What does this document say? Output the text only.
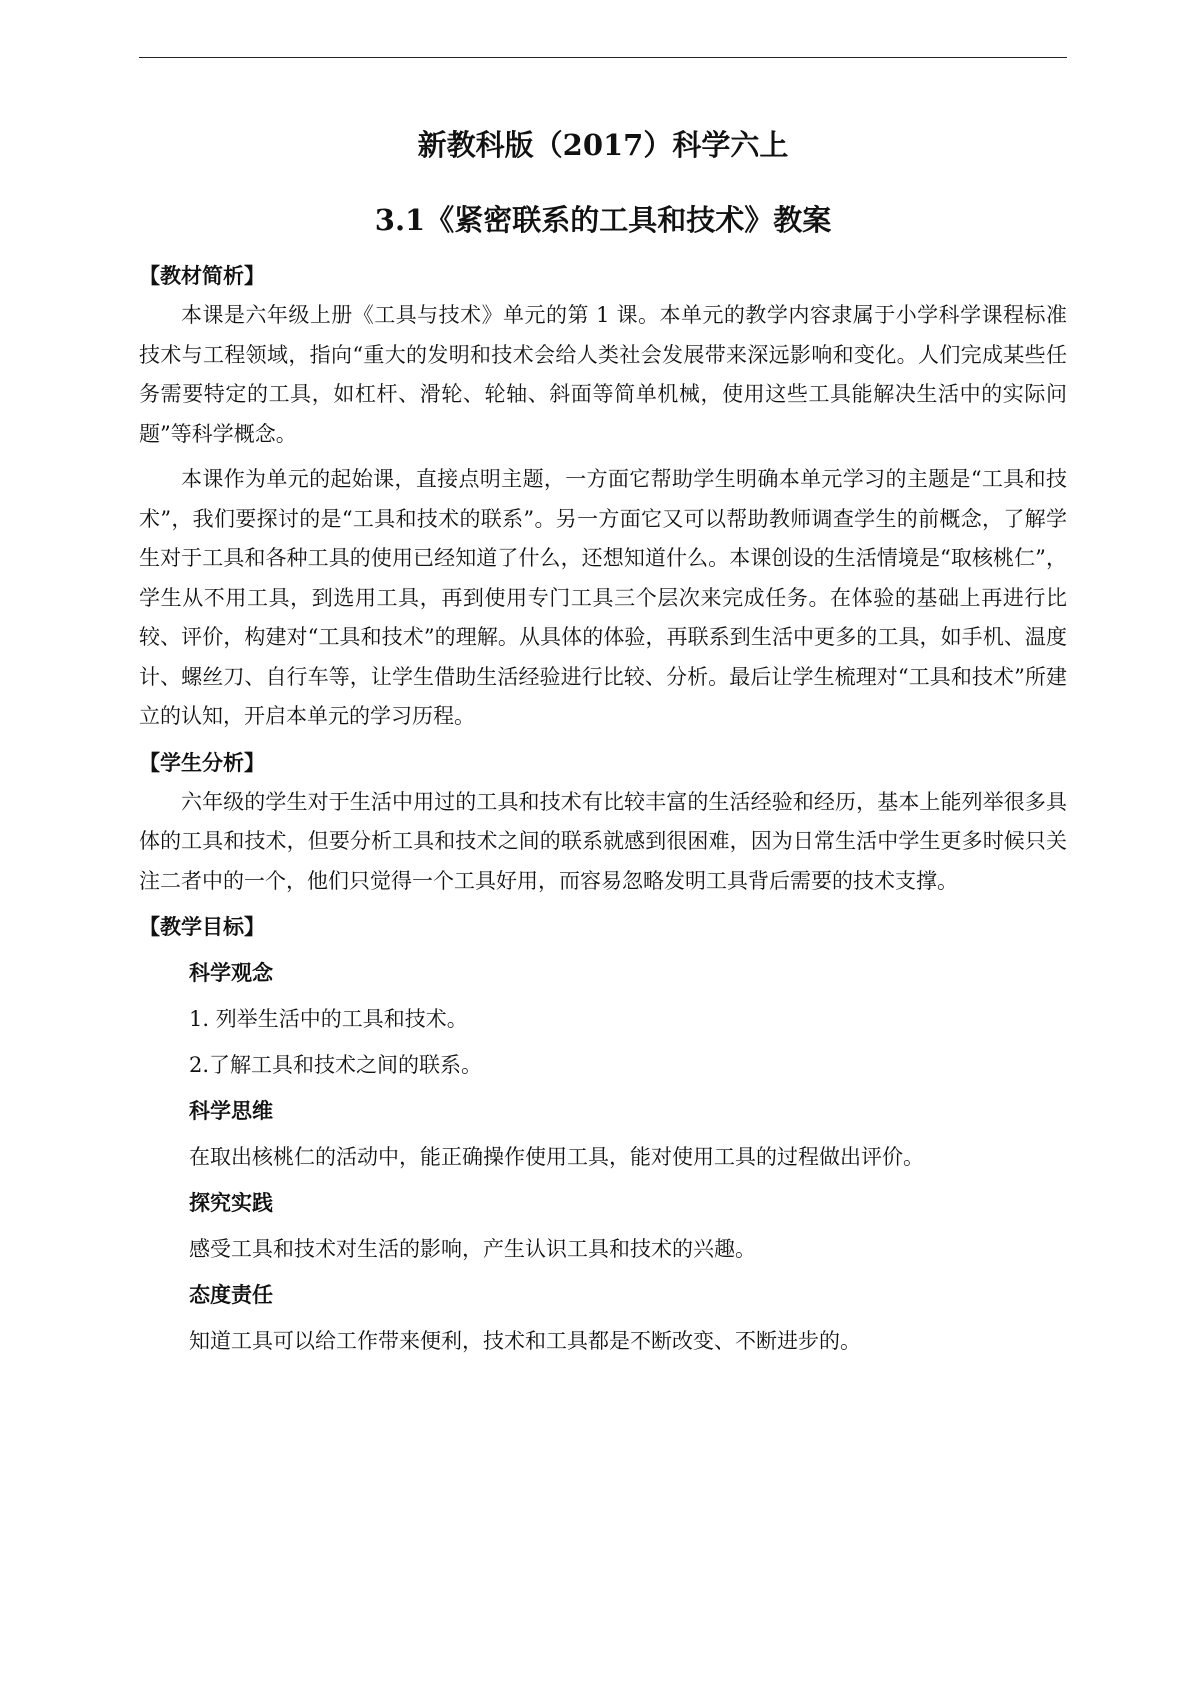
新教科版（2017）科学六上
3.1《紧密联系的工具和技术》教案
【教材简析】

本课是六年级上册《工具与技术》单元的第 1 课。本单元的教学内容隶属于小学科学课程标准技术与工程领域，指向“重大的发明和技术会给人类社会发展带来深远影响和变化。人们完成某些任务需要特定的工具，如杠杆、滑轮、轮轴、斜面等简单机械，使用这些工具能解决生活中的实际问题”等科学概念。

本课作为单元的起始课，直接点明主题，一方面它帮助学生明确本单元学习的主题是“工具和技术”，我们要探讨的是“工具和技术的联系”。另一方面它又可以帮助教师调查学生的前概念，了解学生对于工具和各种工具的使用已经知道了什么，还想知道什么。本课创设的生活情境是“取核桃仁”，学生从不用工具，到选用工具，再到使用专门工具三个层次来完成任务。在体验的基础上再进行比较、评价，构建对“工具和技术”的理解。从具体的体验，再联系到生活中更多的工具，如手机、温度计、螺丝刀、自行车等，让学生借助生活经验进行比较、分析。最后让学生梳理对“工具和技术”所建立的认知，开启本单元的学习历程。

【学生分析】

六年级的学生对于生活中用过的工具和技术有比较丰富的生活经验和经历，基本上能列举很多具体的工具和技术，但要分析工具和技术之间的联系就感到很困难，因为日常生活中学生更多时候只关注二者中的一个，他们只觉得一个工具好用，而容易忽略发明工具背后需要的技术支撑。

【教学目标】
科学观念
1. 列举生活中的工具和技术。
2.了解工具和技术之间的联系。
科学思维
在取出核桃仁的活动中，能正确操作使用工具，能对使用工具的过程做出评价。
探究实践
感受工具和技术对生活的影响，产生认识工具和技术的兴趣。
态度责任
知道工具可以给工作带来便利，技术和工具都是不断改变、不断进步的。
